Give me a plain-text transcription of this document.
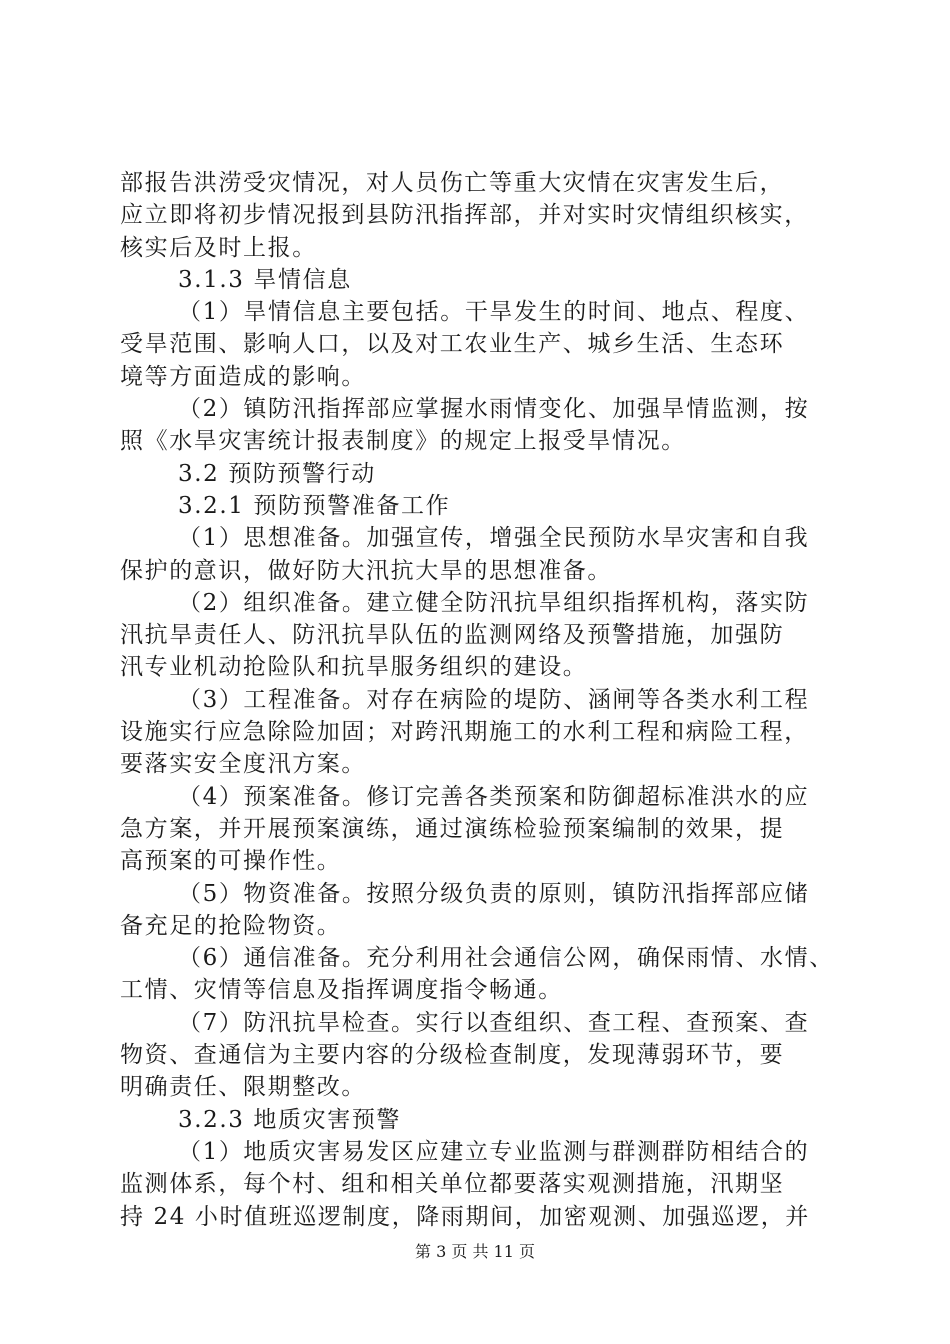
部报告洪涝受灾情况，对人员伤亡等重大灾情在灾害发生后，
应立即将初步情况报到县防汛指挥部，并对实时灾情组织核实，
核实后及时上报。
3.1.3 旱情信息
（1）旱情信息主要包括。干旱发生的时间、地点、程度、
受旱范围、影响人口，以及对工农业生产、城乡生活、生态环
境等方面造成的影响。
（2）镇防汛指挥部应掌握水雨情变化、加强旱情监测，按
照《水旱灾害统计报表制度》的规定上报受旱情况。
3.2 预防预警行动
3.2.1 预防预警准备工作
（1）思想准备。加强宣传，增强全民预防水旱灾害和自我
保护的意识，做好防大汛抗大旱的思想准备。
（2）组织准备。建立健全防汛抗旱组织指挥机构，落实防
汛抗旱责任人、防汛抗旱队伍的监测网络及预警措施，加强防
汛专业机动抢险队和抗旱服务组织的建设。
（3）工程准备。对存在病险的堤防、涵闸等各类水利工程
设施实行应急除险加固；对跨汛期施工的水利工程和病险工程，
要落实安全度汛方案。
（4）预案准备。修订完善各类预案和防御超标准洪水的应
急方案，并开展预案演练，通过演练检验预案编制的效果，提
高预案的可操作性。
（5）物资准备。按照分级负责的原则，镇防汛指挥部应储
备充足的抢险物资。
（6）通信准备。充分利用社会通信公网，确保雨情、水情、
工情、灾情等信息及指挥调度指令畅通。
（7）防汛抗旱检查。实行以查组织、查工程、查预案、查
物资、查通信为主要内容的分级检查制度，发现薄弱环节，要
明确责任、限期整改。
3.2.3 地质灾害预警
（1）地质灾害易发区应建立专业监测与群测群防相结合的
监测体系，每个村、组和相关单位都要落实观测措施，汛期坚
持 24 小时值班巡逻制度，降雨期间，加密观测、加强巡逻，并
第 3 页 共 11 页
